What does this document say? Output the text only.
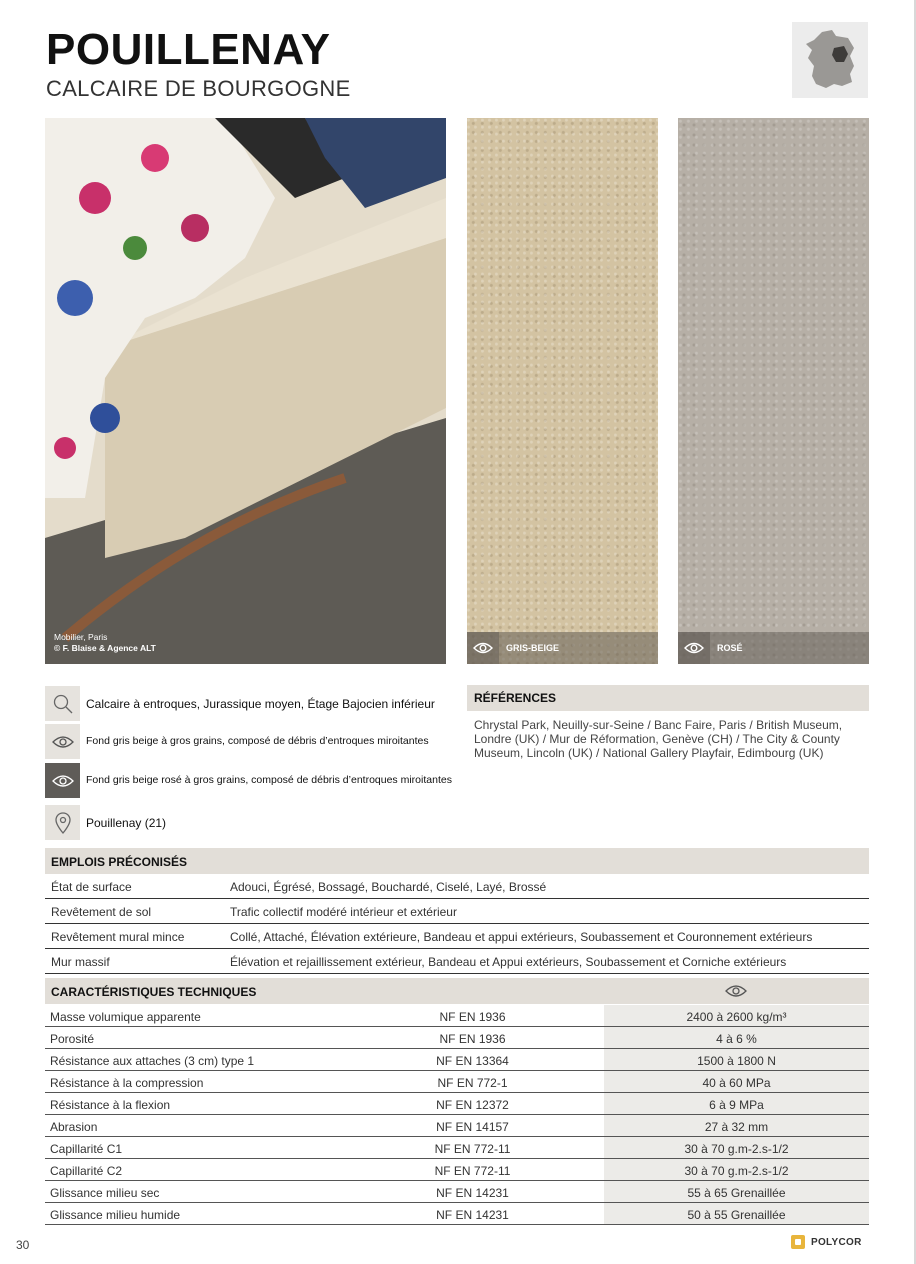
POUILLENAY
CALCAIRE DE BOURGOGNE
Mobilier, Paris
© F. Blaise & Agence ALT	GRIS-BEIGE	ROSÉ
Calcaire à entroques, Jurassique moyen, Étage Bajocien inférieur
Fond gris beige à gros grains, composé de débris d’entroques miroitantes
Fond gris beige rosé à gros grains, composé de débris d’entroques miroitantes
Pouillenay (21)
RÉFÉRENCES
Chrystal Park, Neuilly-sur-Seine / Banc Faire, Paris / British Museum, Londre (UK) / Mur de Réformation, Genève (CH) / The City & County Museum, Lincoln (UK) / National Gallery Playfair, Edimbourg (UK)
EMPLOIS PRÉCONISÉS
État de surface	Adouci, Égrésé, Bossagé, Bouchardé, Ciselé, Layé, Brossé
Revêtement de sol	Trafic collectif modéré intérieur et extérieur
Revêtement mural mince	Collé, Attaché, Élévation extérieure, Bandeau et appui extérieurs, Soubassement et Couronnement extérieurs
Mur massif	Élévation et rejaillissement extérieur, Bandeau et Appui extérieurs, Soubassement et Corniche extérieurs
CARACTÉRISTIQUES TECHNIQUES
Masse volumique apparente	NF EN 1936	2400 à 2600 kg/m³
Porosité	NF EN 1936	4 à 6 %
Résistance aux attaches (3 cm) type 1	NF EN 13364	1500 à 1800 N
Résistance à la compression	NF EN 772-1	40 à 60 MPa
Résistance à la flexion	NF EN 12372	6 à 9 MPa
Abrasion	NF EN 14157	27 à 32 mm
Capillarité C1	NF EN 772-11	30 à 70 g.m-2.s-1/2
Capillarité C2	NF EN 772-11	30 à 70 g.m-2.s-1/2
Glissance milieu sec	NF EN 14231	55 à 65 Grenaillée
Glissance milieu humide	NF EN 14231	50 à 55 Grenaillée
30	POLYCOR
